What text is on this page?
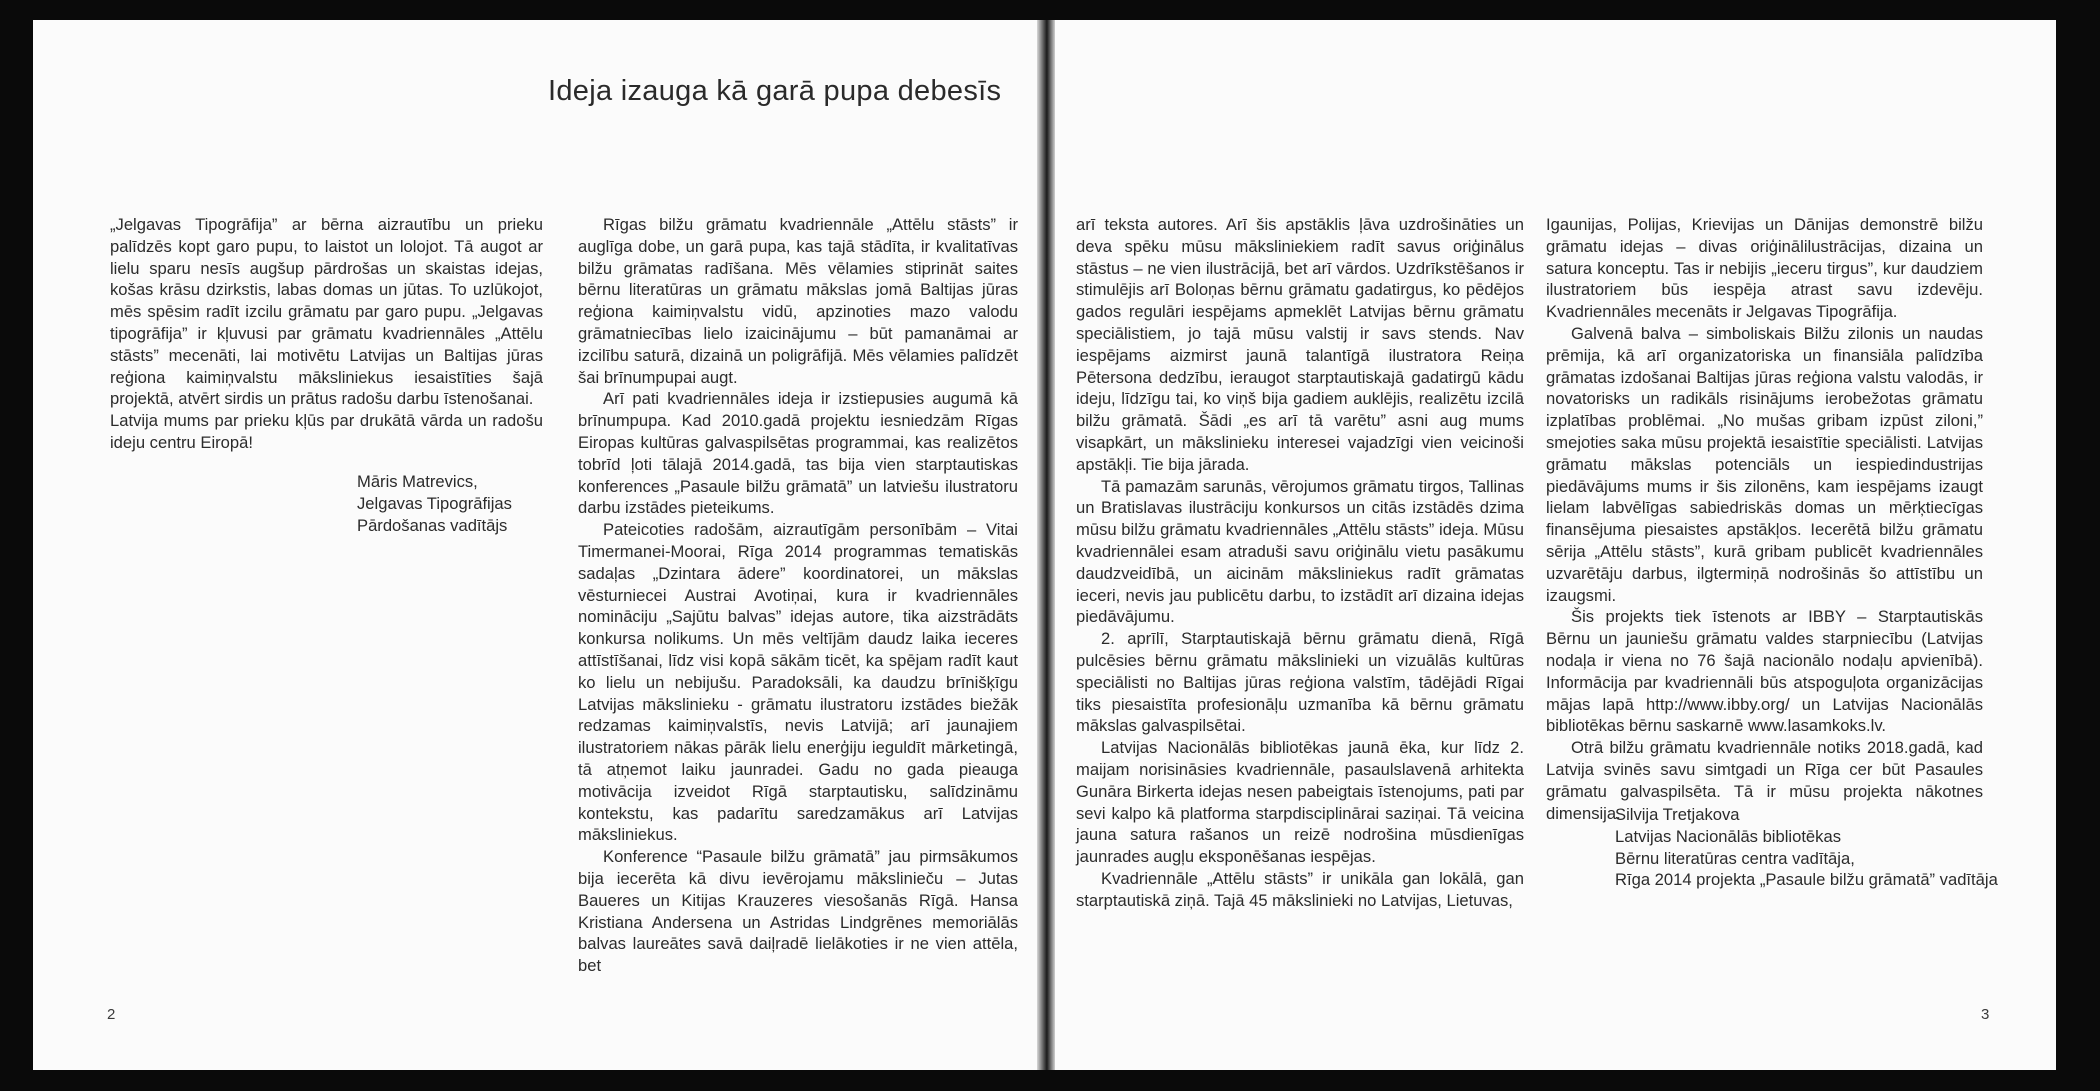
Ideja izauga kā garā pupa debesīs

„Jelgavas Tipogrāfija” ar bērna aizrautību un prieku palīdzēs kopt garo pupu, to laistot un lolojot. Tā augot ar lielu sparu nesīs augšup pārdrošas un skaistas idejas, košas krāsu dzirkstis, labas domas un jūtas. To uzlūkojot, mēs spēsim radīt izcilu grāmatu par garo pupu. „Jelgavas tipogrāfija” ir kļuvusi par grāmatu kvadriennāles „Attēlu stāsts” mecenāti, lai motivētu Latvijas un Baltijas jūras reģiona kaimiņvalstu māksliniekus iesaistīties šajā projektā, atvērt sirdis un prātus radošu darbu īstenošanai.

Latvija mums par prieku kļūs par drukātā vārda un radošu ideju centru Eiropā!

Māris Matrevics,
Jelgavas Tipogrāfijas
Pārdošanas vadītājs

Rīgas bilžu grāmatu kvadriennāle „Attēlu stāsts” ir auglīga dobe, un garā pupa, kas tajā stādīta, ir kvalitatīvas bilžu grāmatas radīšana. Mēs vēlamies stiprināt saites bērnu literatūras un grāmatu mākslas jomā Baltijas jūras reģiona kaimiņvalstu vidū, apzinoties mazo valodu grāmatniecības lielo izaicinājumu – būt pamanāmai ar izcilību saturā, dizainā un poligrāfijā. Mēs vēlamies palīdzēt šai brīnumpupai augt.

Arī pati kvadriennāles ideja ir izstiepusies augumā kā brīnumpupa. Kad 2010.gadā projektu iesniedzām Rīgas Eiropas kultūras galvaspilsētas programmai, kas realizētos tobrīd ļoti tālajā 2014.gadā, tas bija vien starptautiskas konferences „Pasaule bilžu grāmatā” un latviešu ilustratoru darbu izstādes pieteikums.

Pateicoties radošām, aizrautīgām personībām – Vitai Timermanei-Moorai, Rīga 2014 programmas tematiskās sadaļas „Dzintara ādere” koordinatorei, un mākslas vēsturniecei Austrai Avotiņai, kura ir kvadriennāles nomināciju „Sajūtu balvas” idejas autore, tika aizstrādāts konkursa nolikums. Un mēs veltījām daudz laika ieceres attīstīšanai, līdz visi kopā sākām ticēt, ka spējam radīt kaut ko lielu un nebijušu. Paradoksāli, ka daudzu brīnišķīgu Latvijas mākslinieku - grāmatu ilustratoru izstādes biežāk redzamas kaimiņvalstīs, nevis Latvijā; arī jaunajiem ilustratoriem nākas pārāk lielu enerģiju ieguldīt mārketingā, tā atņemot laiku jaunradei. Gadu no gada pieauga motivācija izveidot Rīgā starptautisku, salīdzināmu kontekstu, kas padarītu saredzamākus arī Latvijas māksliniekus.

Konference “Pasaule bilžu grāmatā” jau pirmsākumos bija iecerēta kā divu ievērojamu mākslinieču – Jutas Baueres un Kitijas Krauzeres viesošanās Rīgā. Hansa Kristiana Andersena un Astridas Lindgrēnes memoriālās balvas laureātes savā daiļradē lielākoties ir ne vien attēla, bet

arī teksta autores. Arī šis apstāklis ļāva uzdrošināties un deva spēku mūsu māksliniekiem radīt savus oriģinālus stāstus – ne vien ilustrācijā, bet arī vārdos. Uzdrīkstēšanos ir stimulējis arī Boloņas bērnu grāmatu gadatirgus, ko pēdējos gados regulāri iespējams apmeklēt Latvijas bērnu grāmatu speciālistiem, jo tajā mūsu valstij ir savs stends. Nav iespējams aizmirst jaunā talantīgā ilustratora Reiņa Pētersona dedzību, ieraugot starptautiskajā gadatirgū kādu ideju, līdzīgu tai, ko viņš bija gadiem auklējis, realizētu izcilā bilžu grāmatā. Šādi „es arī tā varētu” asni aug mums visapkārt, un mākslinieku interesei vajadzīgi vien veicinoši apstākļi. Tie bija jārada.

Tā pamazām sarunās, vērojumos grāmatu tirgos, Tallinas un Bratislavas ilustrāciju konkursos un citās izstādēs dzima mūsu bilžu grāmatu kvadriennāles „Attēlu stāsts” ideja. Mūsu kvadriennālei esam atraduši savu oriģinālu vietu pasākumu daudzveidībā, un aicinām māksliniekus radīt grāmatas ieceri, nevis jau publicētu darbu, to izstādīt arī dizaina idejas piedāvājumu.

2. aprīlī, Starptautiskajā bērnu grāmatu dienā, Rīgā pulcēsies bērnu grāmatu mākslinieki un vizuālās kultūras speciālisti no Baltijas jūras reģiona valstīm, tādējādi Rīgai tiks piesaistīta profesionāļu uzmanība kā bērnu grāmatu mākslas galvaspilsētai.

Latvijas Nacionālās bibliotēkas jaunā ēka, kur līdz 2. maijam norisināsies kvadriennāle, pasaulslavenā arhitekta Gunāra Birkerta idejas nesen pabeigtais īstenojums, pati par sevi kalpo kā platforma starpdisciplinārai saziņai. Tā veicina jauna satura rašanos un reizē nodrošina mūsdienīgas jaunrades augļu eksponēšanas iespējas.

Kvadriennāle „Attēlu stāsts” ir unikāla gan lokālā, gan starptautiskā ziņā. Tajā 45 mākslinieki no Latvijas, Lietuvas,

Igaunijas, Polijas, Krievijas un Dānijas demonstrē bilžu grāmatu idejas – divas oriģinālilustrācijas, dizaina un satura konceptu. Tas ir nebijis „ieceru tirgus”, kur daudziem ilustratoriem būs iespēja atrast savu izdevēju. Kvadriennāles mecenāts ir Jelgavas Tipogrāfija.

Galvenā balva – simboliskais Bilžu zilonis un naudas prēmija, kā arī organizatoriska un finansiāla palīdzība grāmatas izdošanai Baltijas jūras reģiona valstu valodās, ir novatorisks un radikāls risinājums ierobežotas grāmatu izplatības problēmai. „No mušas gribam izpūst ziloni,” smejoties saka mūsu projektā iesaistītie speciālisti. Latvijas grāmatu mākslas potenciāls un iespiedindustrijas piedāvājums mums ir šis zilonēns, kam iespējams izaugt lielam labvēlīgas sabiedriskās domas un mērķtiecīgas finansējuma piesaistes apstākļos. Iecerētā bilžu grāmatu sērija „Attēlu stāsts”, kurā gribam publicēt kvadriennāles uzvarētāju darbus, ilgtermiņā nodrošinās šo attīstību un izaugsmi.

Šis projekts tiek īstenots ar IBBY – Starptautiskās Bērnu un jauniešu grāmatu valdes starpniecību (Latvijas nodaļa ir viena no 76 šajā nacionālo nodaļu apvienībā). Informācija par kvadriennāli būs atspoguļota organizācijas mājas lapā http://www.ibby.org/ un Latvijas Nacionālās bibliotēkas bērnu saskarnē www.lasamkoks.lv.

Otrā bilžu grāmatu kvadriennāle notiks 2018.gadā, kad Latvija svinēs savu simtgadi un Rīga cer būt Pasaules grāmatu galvaspilsēta. Tā ir mūsu projekta nākotnes dimensija.

Silvija Tretjakova
Latvijas Nacionālās bibliotēkas
Bērnu literatūras centra vadītāja,
Rīga 2014 projekta „Pasaule bilžu grāmatā” vadītāja
2	3
